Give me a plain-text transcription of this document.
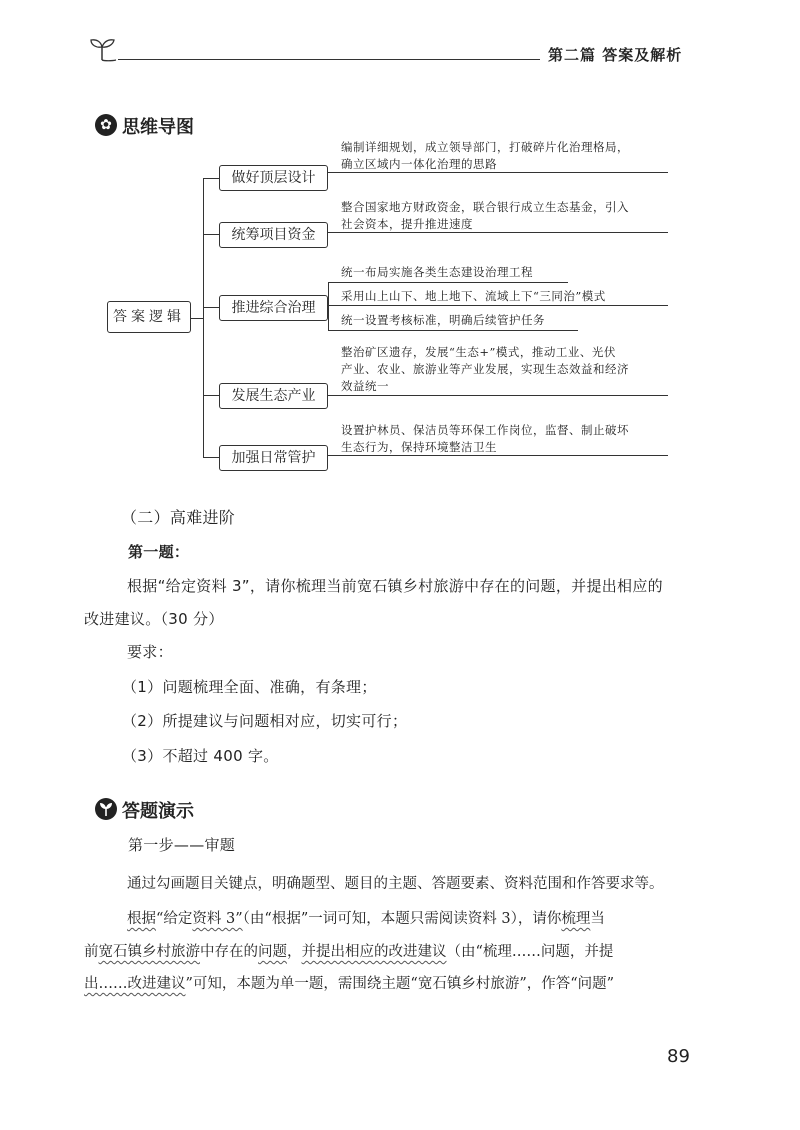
第二篇 答案及解析
✿ 思维导图
答案逻辑
做好顶层设计
统筹项目资金
推进综合治理
发展生态产业
加强日常管护
编制详细规划，成立领导部门，打破碎片化治理格局，
确立区域内一体化治理的思路
整合国家地方财政资金，联合银行成立生态基金，引入
社会资本，提升推进速度
统一布局实施各类生态建设治理工程
采用山上山下、地上地下、流域上下“三同治”模式
统一设置考核标准，明确后续管护任务
整治矿区遗存，发展“生态+”模式，推动工业、光伏
产业、农业、旅游业等产业发展，实现生态效益和经济
效益统一
设置护林员、保洁员等环保工作岗位，监督、制止破坏
生态行为，保持环境整洁卫生
（二）高难进阶
第一题：
根据“给定资料 3”，请你梳理当前宽石镇乡村旅游中存在的问题，并提出相应的
改进建议。（30 分）
要求：
（1）问题梳理全面、准确，有条理；
（2）所提建议与问题相对应，切实可行；
（3）不超过 400 字。
答题演示
第一步——审题
通过勾画题目关键点，明确题型、题目的主题、答题要素、资料范围和作答要求等。
根据“给定资料 3”（由“根据”一词可知，本题只需阅读资料 3），请你梳理当
前宽石镇乡村旅游中存在的问题，并提出相应的改进建议（由“梳理……问题，并提
出……改进建议”可知，本题为单一题，需围绕主题“宽石镇乡村旅游”，作答“问题”
89
